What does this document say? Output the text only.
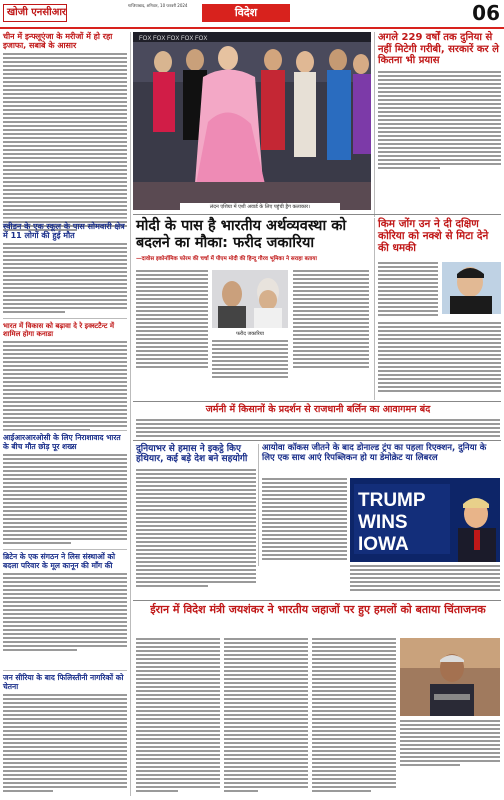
खोजी एनसीआर
गाजियाबाद, शनिवार, 10 फरवरी 2024
विदेश	06
चीन में इन्फ्लूएंजा के मरीजों में हो रहा इजाफा, सबाबे के आसार
स्वीडन के एक स्कूल के पास सोमवारी क्षेत्र में 11 लोगों की हुई मौत
भारत में विकास को बढ़ावा दे रे इक्स्टटैन्ट में शामिल होगा कनाडा
आईआरआरओसी के लिए निराशावाद भारत के बीच मौत छोड़ पूर शख्स
ब्रिटेन के एक संगठन ने लिस संस्थाओं को बदला परिवार के मूल कानून की माँग की
जन सीरिया के बाद फिलिस्तीनी नागरिकों को चेतना
FOX FOX FOX FOX FOX
लंदन एशिया में एशी अवार्ड के लिए पहुंची ड्रैग कलाकार।
अगले 229 वर्षों तक दुनिया से नहीं मिटेगी गरीबी, सरकारें कर ले कितना भी प्रयास
मोदी के पास है भारतीय अर्थव्यवस्था को बदलने का मौका: फरीद जकारिया
—दावोस इकोनॉमिक फोरम की चर्चा में पीएम मोदी की हिन्दू गौरव भूमिका ने सराहा बताया
फरीद जकारिया
किम जोंग उन ने दी दक्षिण कोरिया को नक्शे से मिटा देने की धमकी
जर्मनी में किसानों के प्रदर्शन से राजधानी बर्लिन का आवागमन बंद
दुनियाभर से हमास ने इकट्ठे किए हथियार, कई बड़े देश बने सहयोगी
आयोवा कॉकस जीतने के बाद डोनाल्ड ट्रंप का पहला रिएक्शन, दुनिया के लिए एक साथ आएं रिपब्लिकन हो या डेमोक्रेट या लिबरल
TRUMP
WINS
IOWA
ईरान में विदेश मंत्री जयशंकर ने भारतीय जहाजों पर हुए हमलों को बताया चिंताजनक
